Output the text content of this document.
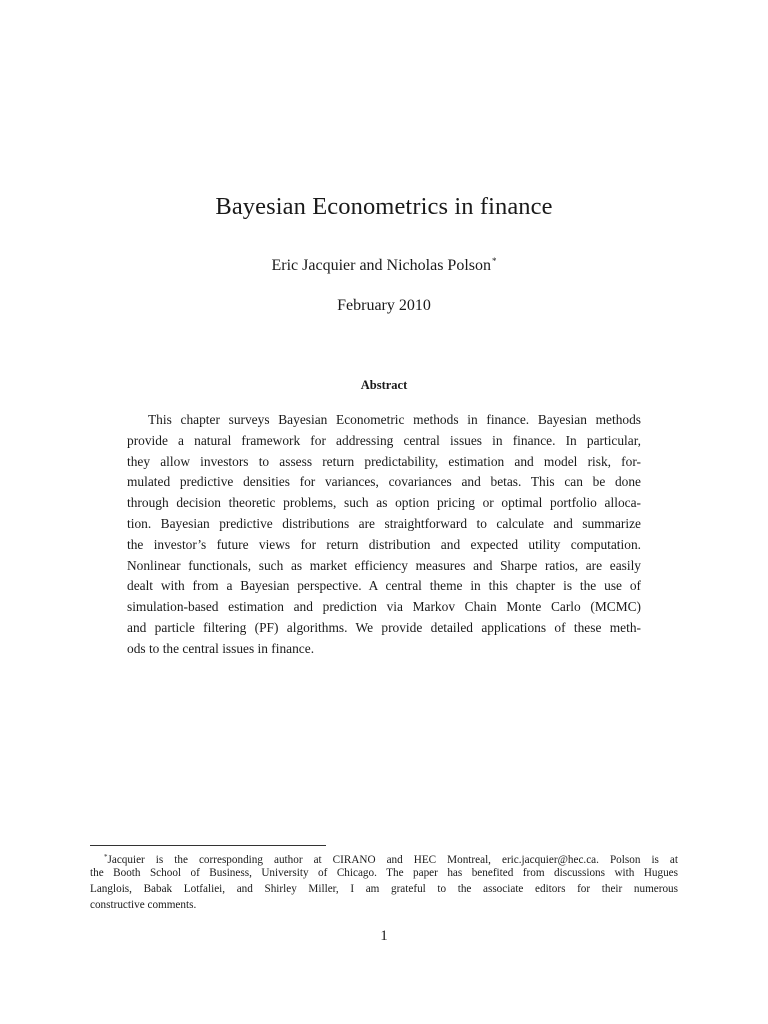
Bayesian Econometrics in finance
Eric Jacquier and Nicholas Polson*
February 2010
Abstract
This chapter surveys Bayesian Econometric methods in finance. Bayesian methods
provide a natural framework for addressing central issues in finance. In particular,
they allow investors to assess return predictability, estimation and model risk, for-
mulated predictive densities for variances, covariances and betas. This can be done
through decision theoretic problems, such as option pricing or optimal portfolio alloca-
tion. Bayesian predictive distributions are straightforward to calculate and summarize
the investor’s future views for return distribution and expected utility computation.
Nonlinear functionals, such as market efficiency measures and Sharpe ratios, are easily
dealt with from a Bayesian perspective. A central theme in this chapter is the use of
simulation-based estimation and prediction via Markov Chain Monte Carlo (MCMC)
and particle filtering (PF) algorithms. We provide detailed applications of these meth-
ods to the central issues in finance.
*Jacquier is the corresponding author at CIRANO and HEC Montreal, eric.jacquier@hec.ca. Polson is at
the Booth School of Business, University of Chicago. The paper has benefited from discussions with Hugues
Langlois, Babak Lotfaliei, and Shirley Miller, I am grateful to the associate editors for their numerous
constructive comments.
1
